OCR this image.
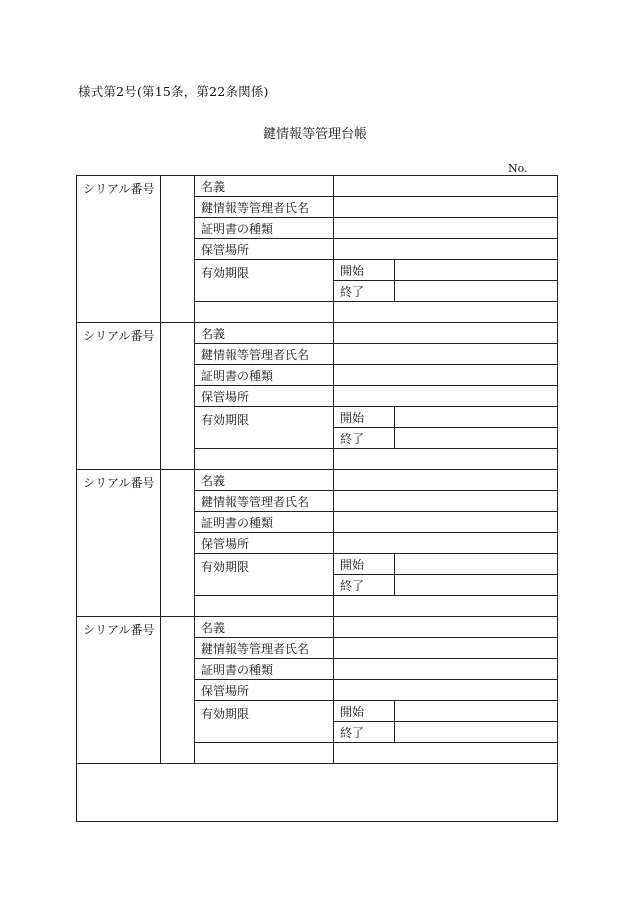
様式第2号(第15条，第22条関係)
鍵情報等管理台帳
No.
シリアル番号		名義		
		鍵情報等管理者氏名		
		証明書の種類		
		保管場所		
		有効期限	開始	
			終了	

シリアル番号		名義		
		鍵情報等管理者氏名		
		証明書の種類		
		保管場所		
		有効期限	開始	
			終了	

シリアル番号		名義		
		鍵情報等管理者氏名		
		証明書の種類		
		保管場所		
		有効期限	開始	
			終了	

シリアル番号		名義		
		鍵情報等管理者氏名		
		証明書の種類		
		保管場所		
		有効期限	開始	
			終了	
